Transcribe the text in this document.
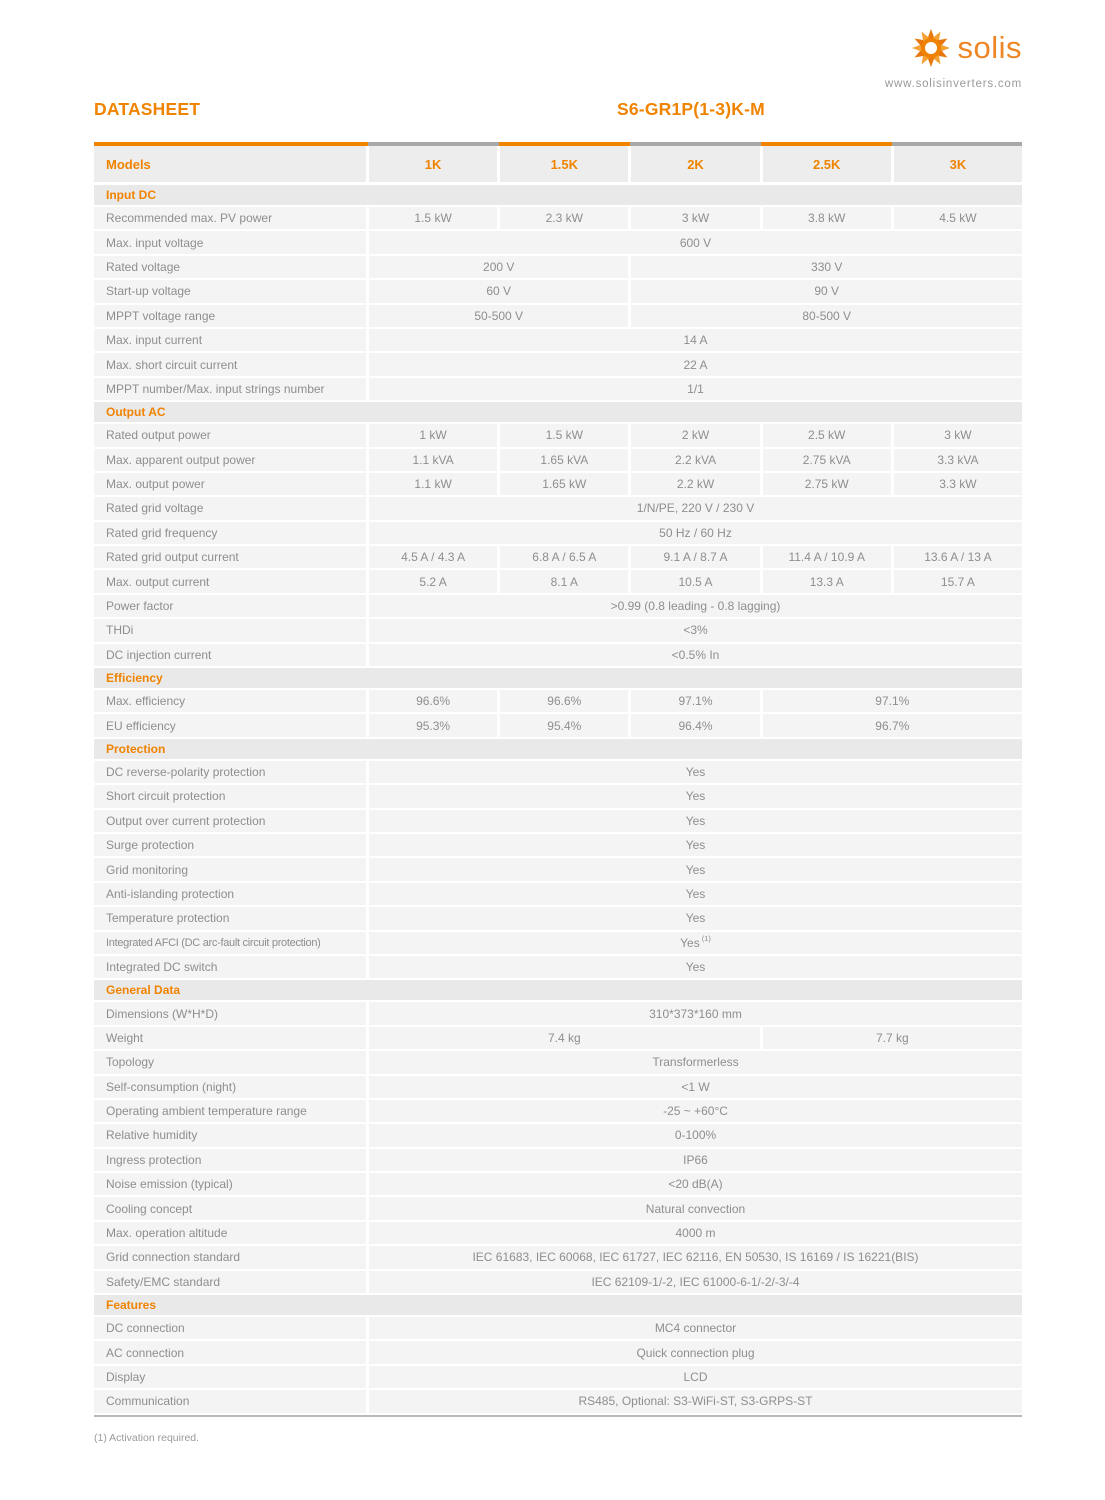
solis
www.solisinverters.com
DATASHEET	S6-GR1P(1-3)K-M
Models	1K	1.5K	2K	2.5K	3K
Input DC
Recommended max. PV power	1.5 kW	2.3 kW	3 kW	3.8 kW	4.5 kW
Max. input voltage	600 V
Rated voltage	200 V	330 V
Start-up voltage	60 V	90 V
MPPT voltage range	50-500 V	80-500 V
Max. input current	14 A
Max. short circuit current	22 A
MPPT number/Max. input strings number	1/1
Output AC
Rated output power	1 kW	1.5 kW	2 kW	2.5 kW	3 kW
Max. apparent output power	1.1 kVA	1.65 kVA	2.2 kVA	2.75 kVA	3.3 kVA
Max. output power	1.1 kW	1.65 kW	2.2 kW	2.75 kW	3.3 kW
Rated grid voltage	1/N/PE, 220 V / 230 V
Rated grid frequency	50 Hz / 60 Hz
Rated grid output current	4.5 A / 4.3 A	6.8 A / 6.5 A	9.1 A / 8.7 A	11.4 A / 10.9 A	13.6 A / 13 A
Max. output current	5.2 A	8.1 A	10.5 A	13.3 A	15.7 A
Power factor	>0.99 (0.8 leading - 0.8 lagging)
THDi	<3%
DC injection current	<0.5% In
Efficiency
Max. efficiency	96.6%	96.6%	97.1%	97.1%
EU efficiency	95.3%	95.4%	96.4%	96.7%
Protection
DC reverse-polarity protection	Yes
Short circuit protection	Yes
Output over current protection	Yes
Surge protection	Yes
Grid monitoring	Yes
Anti-islanding protection	Yes
Temperature protection	Yes
Integrated AFCI (DC arc-fault circuit protection)	Yes (1)
Integrated DC switch	Yes
General Data
Dimensions (W*H*D)	310*373*160 mm
Weight	7.4 kg	7.7 kg
Topology	Transformerless
Self-consumption (night)	<1 W
Operating ambient temperature range	-25 ~ +60°C
Relative humidity	0-100%
Ingress protection	IP66
Noise emission (typical)	<20 dB(A)
Cooling concept	Natural convection
Max. operation altitude	4000 m
Grid connection standard	IEC 61683, IEC 60068, IEC 61727, IEC 62116, EN 50530, IS 16169 / IS 16221(BIS)
Safety/EMC standard	IEC 62109-1/-2, IEC 61000-6-1/-2/-3/-4
Features
DC connection	MC4 connector
AC connection	Quick connection plug
Display	LCD
Communication	RS485, Optional: S3-WiFi-ST, S3-GRPS-ST
(1) Activation required.
